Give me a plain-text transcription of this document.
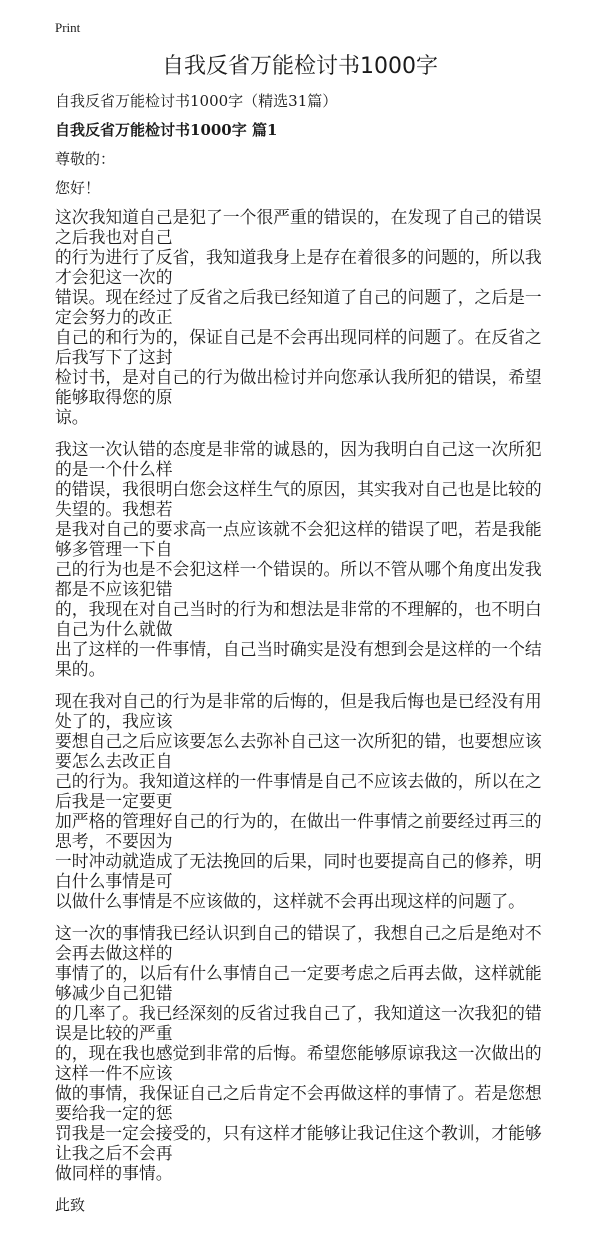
Print
自我反省万能检讨书1000字
自我反省万能检讨书1000字（精选31篇）
自我反省万能检讨书1000字 篇1
尊敬的：
您好！
这次我知道自己是犯了一个很严重的错误的，在发现了自己的错误之后我也对自己
的行为进行了反省，我知道我身上是存在着很多的问题的，所以我才会犯这一次的
错误。现在经过了反省之后我已经知道了自己的问题了，之后是一定会努力的改正
自己的和行为的，保证自己是不会再出现同样的问题了。在反省之后我写下了这封
检讨书，是对自己的行为做出检讨并向您承认我所犯的错误，希望能够取得您的原
谅。
我这一次认错的态度是非常的诚恳的，因为我明白自己这一次所犯的是一个什么样
的错误，我很明白您会这样生气的原因，其实我对自己也是比较的失望的。我想若
是我对自己的要求高一点应该就不会犯这样的错误了吧，若是我能够多管理一下自
己的行为也是不会犯这样一个错误的。所以不管从哪个角度出发我都是不应该犯错
的，我现在对自己当时的行为和想法是非常的不理解的，也不明白自己为什么就做
出了这样的一件事情，自己当时确实是没有想到会是这样的一个结果的。
现在我对自己的行为是非常的后悔的，但是我后悔也是已经没有用处了的，我应该
要想自己之后应该要怎么去弥补自己这一次所犯的错，也要想应该要怎么去改正自
己的行为。我知道这样的一件事情是自己不应该去做的，所以在之后我是一定要更
加严格的管理好自己的行为的，在做出一件事情之前要经过再三的思考，不要因为
一时冲动就造成了无法挽回的后果，同时也要提高自己的修养，明白什么事情是可
以做什么事情是不应该做的，这样就不会再出现这样的问题了。
这一次的事情我已经认识到自己的错误了，我想自己之后是绝对不会再去做这样的
事情了的，以后有什么事情自己一定要考虑之后再去做，这样就能够减少自己犯错
的几率了。我已经深刻的反省过我自己了，我知道这一次我犯的错误是比较的严重
的，现在我也感觉到非常的后悔。希望您能够原谅我这一次做出的这样一件不应该
做的事情，我保证自己之后肯定不会再做这样的事情了。若是您想要给我一定的惩
罚我是一定会接受的，只有这样才能够让我记住这个教训，才能够让我之后不会再
做同样的事情。
此致
